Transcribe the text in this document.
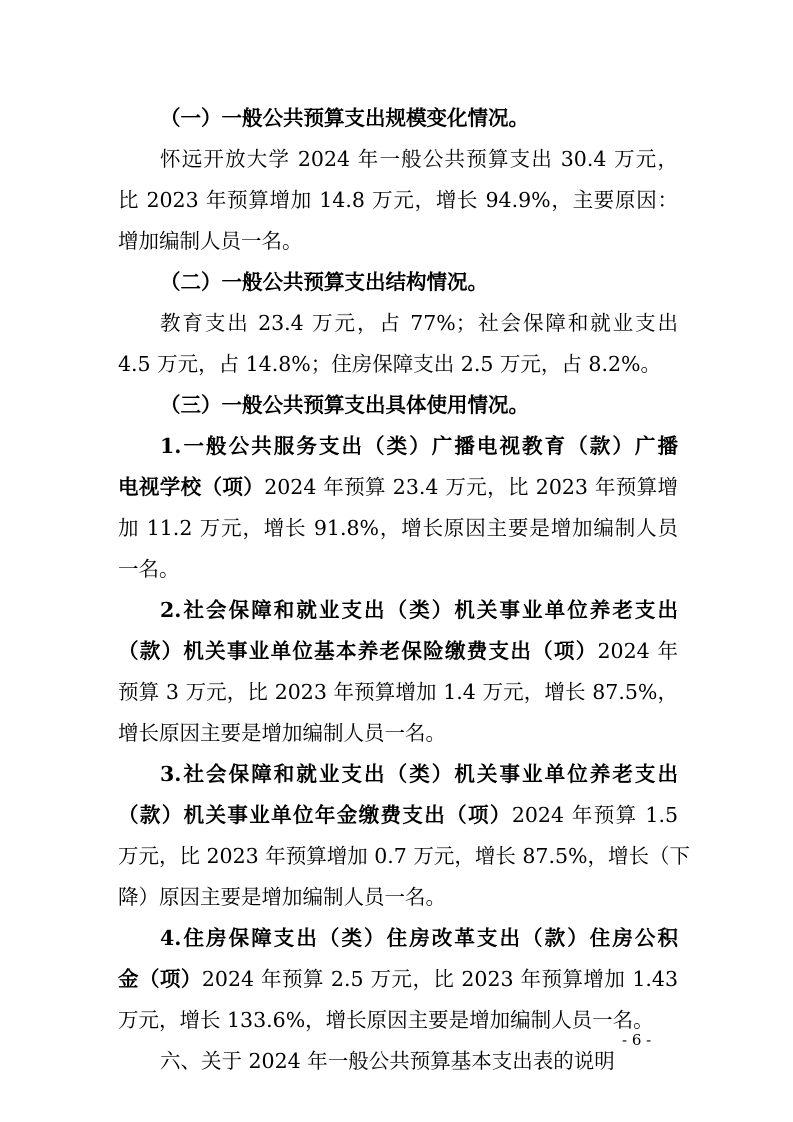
（一）一般公共预算支出规模变化情况。
怀远开放大学 2024 年一般公共预算支出 30.4 万元，
比 2023 年预算增加 14.8 万元，增长 94.9%，主要原因：
增加编制人员一名。
（二）一般公共预算支出结构情况。
教育支出 23.4 万元，占 77%；社会保障和就业支出
4.5 万元，占 14.8%；住房保障支出 2.5 万元，占 8.2%。
（三）一般公共预算支出具体使用情况。
1.一般公共服务支出（类）广播电视教育（款）广播
电视学校（项）2024 年预算 23.4 万元，比 2023 年预算增
加 11.2 万元，增长 91.8%，增长原因主要是增加编制人员
一名。
2.社会保障和就业支出（类）机关事业单位养老支出
（款）机关事业单位基本养老保险缴费支出（项）2024 年
预算 3 万元，比 2023 年预算增加 1.4 万元，增长 87.5%，
增长原因主要是增加编制人员一名。
3.社会保障和就业支出（类）机关事业单位养老支出
（款）机关事业单位年金缴费支出（项）2024 年预算 1.5
万元，比 2023 年预算增加 0.7 万元，增长 87.5%，增长（下
降）原因主要是增加编制人员一名。
4.住房保障支出（类）住房改革支出（款）住房公积
金（项）2024 年预算 2.5 万元，比 2023 年预算增加 1.43
万元，增长 133.6%，增长原因主要是增加编制人员一名。
六、关于 2024 年一般公共预算基本支出表的说明
- 6 -
